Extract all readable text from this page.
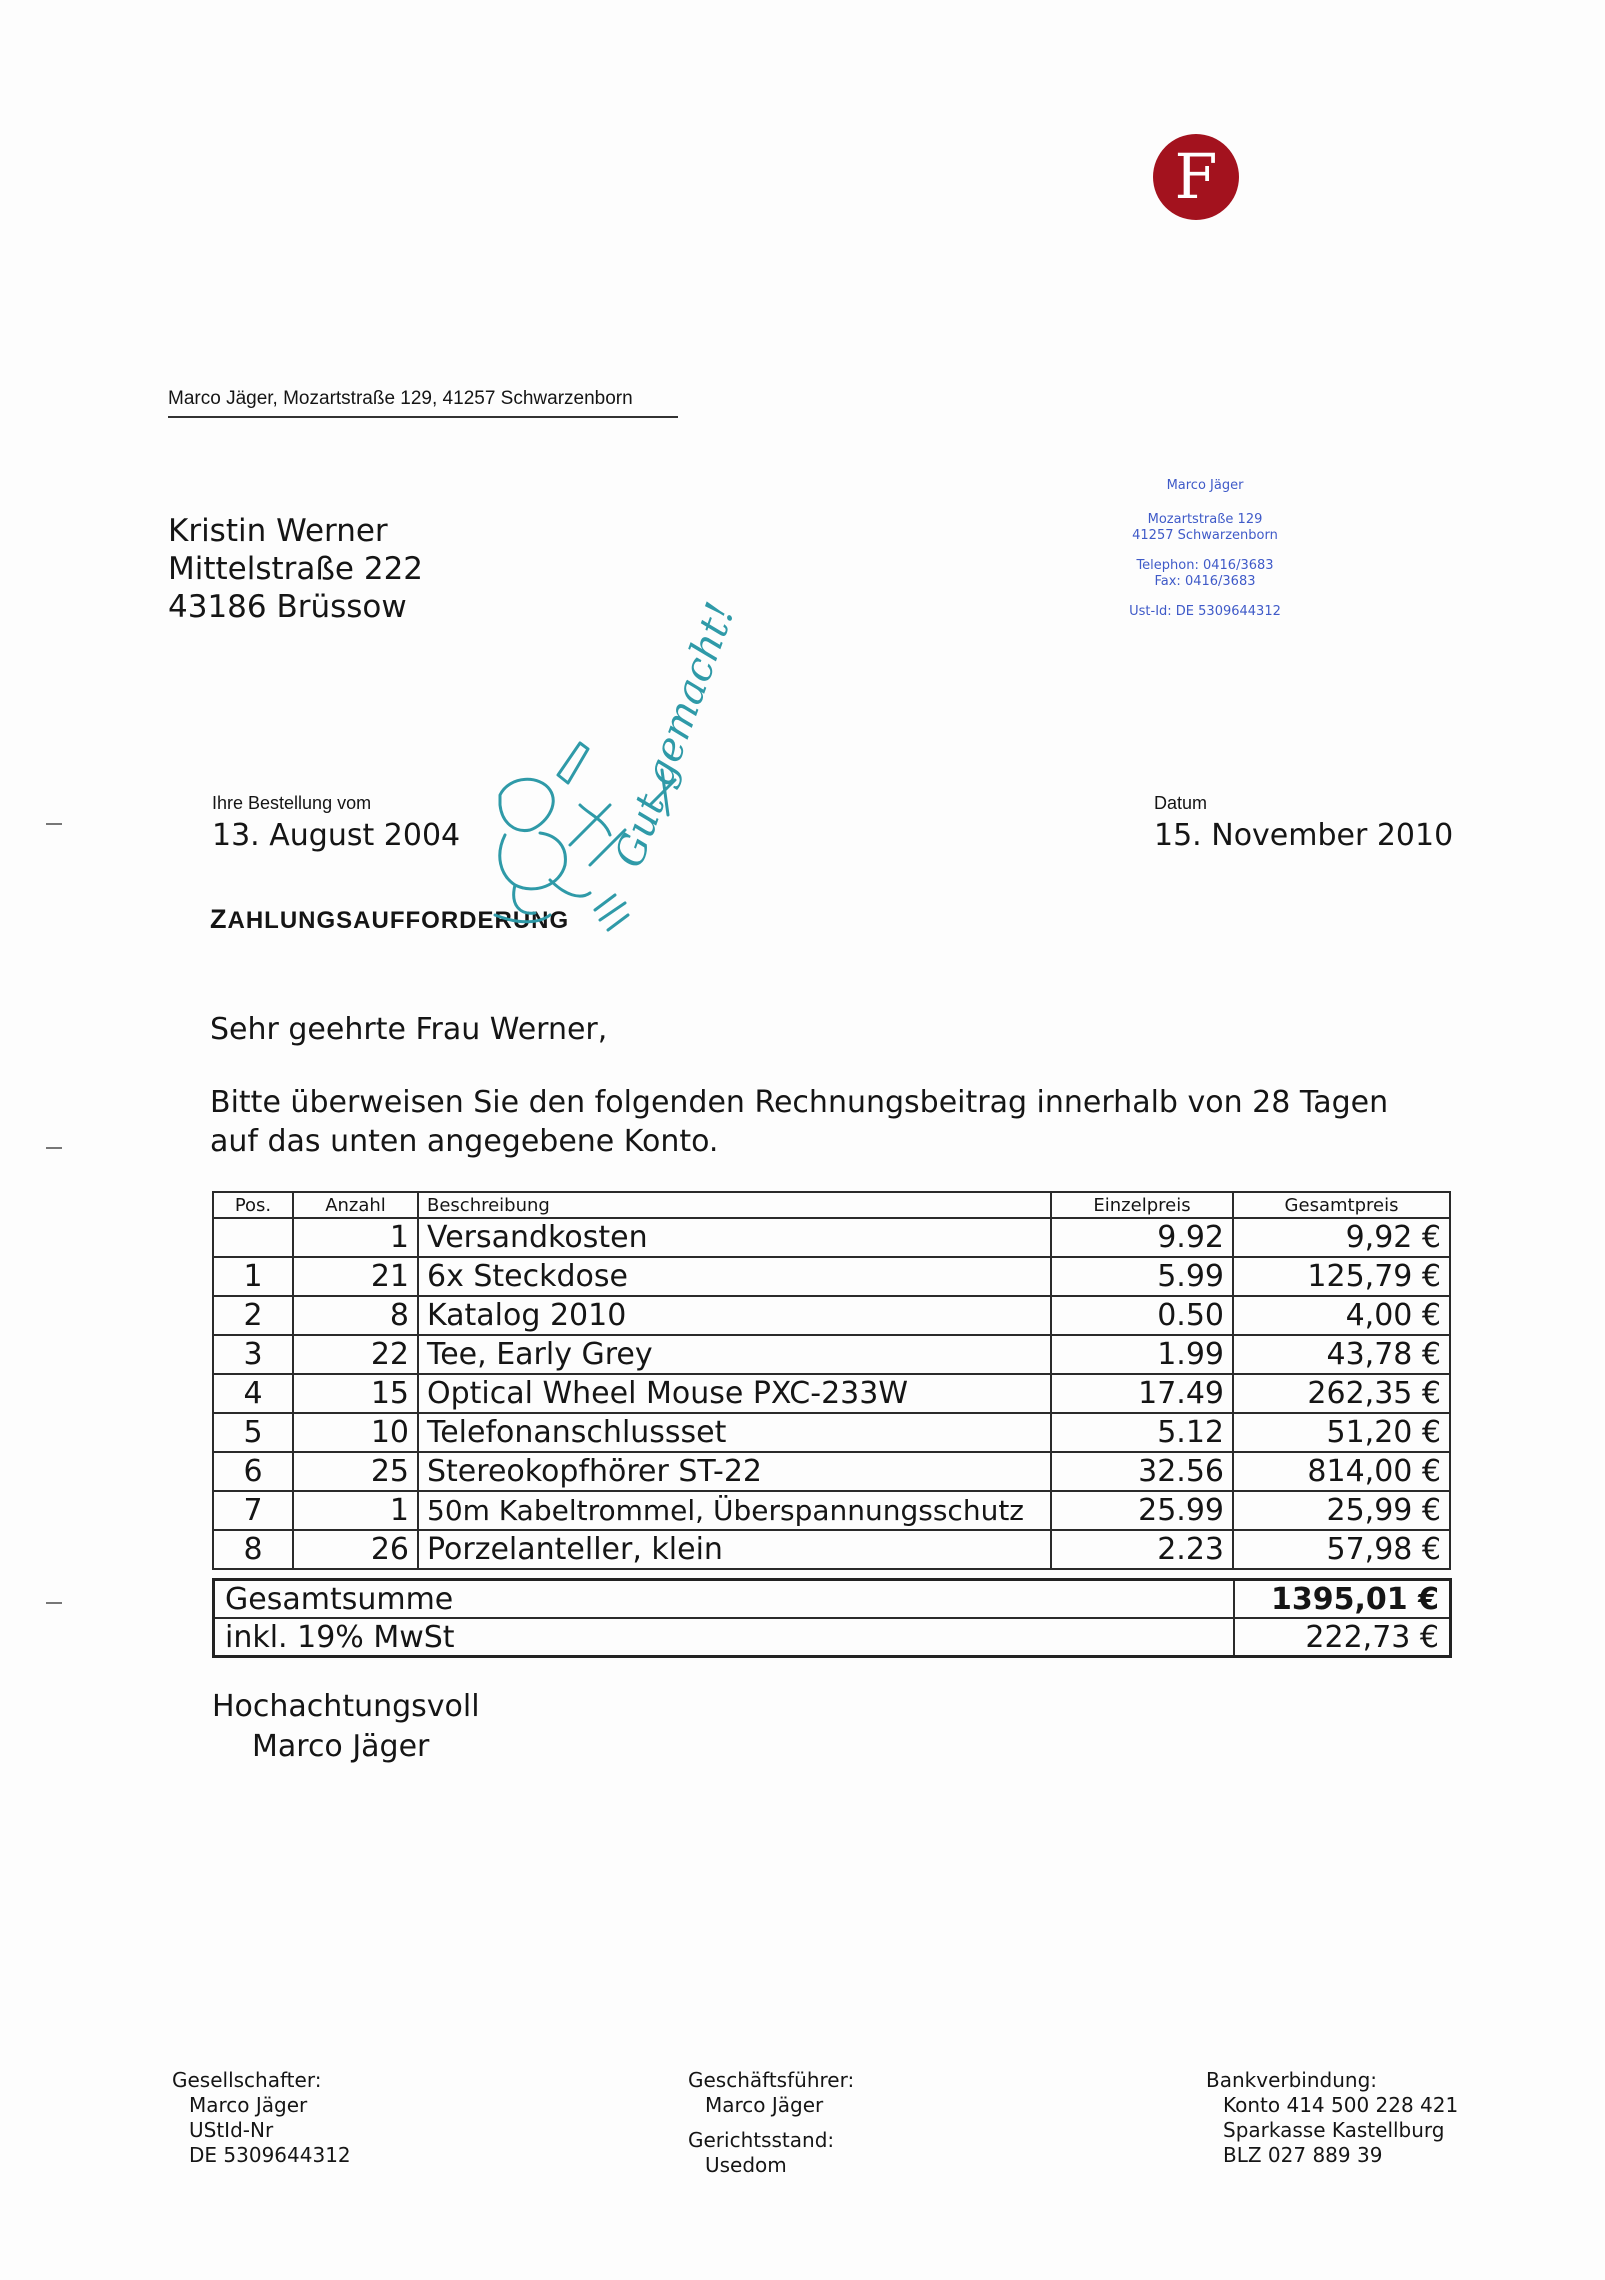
F
Marco Jäger, Mozartstraße 129, 41257 Schwarzenborn
Kristin Werner
Mittelstraße 222
43186 Brüssow
Marco Jäger
Mozartstraße 129
41257 Schwarzenborn
Telephon: 0416/3683
Fax: 0416/3683
Ust-Id: DE 5309644312
Ihre Bestellung vom
13. August 2004
Datum
15. November 2010
ZAHLUNGSAUFFORDERUNG
Gut gemacht!
Sehr geehrte Frau Werner,
Bitte überweisen Sie den folgenden Rechnungsbeitrag innerhalb von 28 Tagen
auf das unten angegebene Konto.
Pos.	Anzahl	Beschreibung	Einzelpreis	Gesamtpreis
	1	Versandkosten	9.92	9,92 €
1	21	6x Steckdose	5.99	125,79 €
2	8	Katalog 2010	0.50	4,00 €
3	22	Tee, Early Grey	1.99	43,78 €
4	15	Optical Wheel Mouse PXC-233W	17.49	262,35 €
5	10	Telefonanschlussset	5.12	51,20 €
6	25	Stereokopfhörer ST-22	32.56	814,00 €
7	1	50m Kabeltrommel, Überspannungsschutz	25.99	25,99 €
8	26	Porzelanteller, klein	2.23	57,98 €
Gesamtsumme	1395,01 €
inkl. 19% MwSt	222,73 €
Hochachtungsvoll
Marco Jäger
Gesellschafter:
Marco Jäger
UStId-Nr
DE 5309644312
Geschäftsführer:
Marco Jäger
Gerichtsstand:
Usedom
Bankverbindung:
Konto 414 500 228 421
Sparkasse Kastellburg
BLZ 027 889 39
